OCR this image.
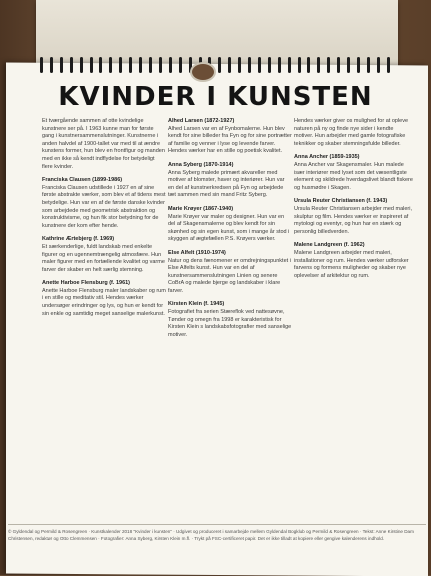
KVINDER I KUNSTEN

Et tværgående sammen af otte kvindelige kunstnere ser på. I 1963 kunne man for første gang i kunstnersammenslutninger. Kunstnerne i anden halvdel af 1900-tallet var med til at ændre kunstens former, hun blev en frontfigur og manden med en ikke så kendt indflydelse for betydeligt flere kvinder.

Franciska Clausen (1899-1986)
Franciska Clausen udstillede i 1927 en af sine første abstrakte værker, som blev et af tidens mest betydelige. Hun var en af de første danske kvinder som arbejdede med geometrisk abstraktion og konstruktivisme, og hun fik stor betydning for de kunstnere der kom efter hende.

Kathrine Ærtebjerg (f. 1969)
Et særkenderlige, fuldt landskab med enkelte figurer og en ugennemtrængelig atmosfære. Hun maler figurer med en fortællende kvalitet og varme farver der skaber en helt særlig stemning.

Anette Harboe Flensburg (f. 1961)
Anette Harboe Flensburg maler landskaber og rum i en stille og meditativ stil. Hendes værker undersøger erindringer og lys, og hun er kendt for sin enkle og samtidig meget sanselige malerkunst.

Alhed Larsen (1872-1927)
Alhed Larsen var en af Fynbomalerne. Hun blev kendt for sine billeder fra Fyn og for sine portrætter af familie og venner i lyse og levende farver. Hendes værker har en stille og poetisk kvalitet.

Anna Syberg (1870-1914)
Anna Syberg malede primært akvareller med motiver af blomster, haver og interiører. Hun var en del af kunstnerkredsen på Fyn og arbejdede tæt sammen med sin mand Fritz Syberg.

Marie Krøyer (1867-1940)
Marie Krøyer var maler og designer. Hun var en del af Skagensmalerne og blev kendt for sin skønhed og sin egen kunst, som i mange år stod i skyggen af ægtefællen P.S. Krøyers værker.

Else Alfelt (1910-1974)
Natur og dens fænomener er omdrejningspunktet i Else Alfelts kunst. Hun var en del af kunstnersammenslutningen Linien og senere CoBrA og malede bjerge og landskaber i klare farver.

Kirsten Klein (f. 1945)
Fotografiet fra serien Stæreflok ved nattesøvne, Tønder og omegn fra 1998 er karakteristisk for Kirsten Klein s landskabsfotografier med sanselige motiver.

Hendes værker giver os mulighed for at opleve naturen på ny og finde nye sider i kendte motiver. Hun arbejder med gamle fotografiske teknikker og skaber stemningsfulde billeder.

Anna Ancher (1859-1935)
Anna Ancher var Skagensmaler. Hun malede især interiører med lyset som det væsentligste element og skildrede hverdagslivet blandt fiskere og husmødre i Skagen.

Ursula Reuter Christiansen (f. 1943)
Ursula Reuter Christiansen arbejder med maleri, skulptur og film. Hendes værker er inspireret af mytologi og eventyr, og hun har en stærk og personlig billedverden.

Malene Landgreen (f. 1962)
Malene Landgreen arbejder med maleri, installationer og rum. Hendes værker udforsker farvens og formens muligheder og skaber nye oplevelser af arkitektur og rum.

© Gyldendal og Permild & Rosengreen · Kunstkalender 2018 "Kvinder i kunsten" · Udgivet og produceret i samarbejde mellem Gyldendal Bogklub og Permild & Rosengreen · Tekst: Anne Kirstine Dam Christensen, redaktør og Otto Clemmensen · Fotografier: Anna Syberg, Kirsten Klein m.fl. · Trykt på FSC-certificeret papir. Det er ikke tilladt at kopiere eller gengive kalenderens indhold.
